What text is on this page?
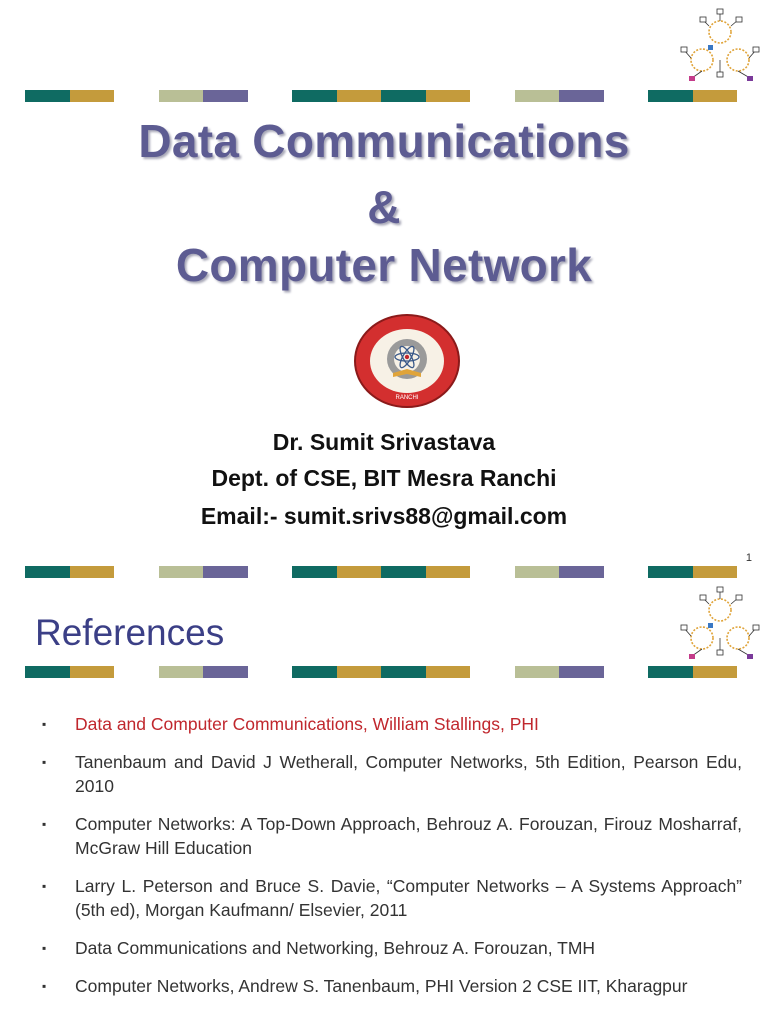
Data Communications
&
Computer Network
RANCHI
Dr. Sumit Srivastava
Dept. of CSE, BIT Mesra Ranchi
Email:- sumit.srivs88@gmail.com
1
References
▪ Data and Computer Communications, William Stallings, PHI
▪ Tanenbaum and David J Wetherall, Computer Networks, 5th Edition, Pearson Edu, 2010
▪ Computer Networks: A Top-Down Approach, Behrouz A. Forouzan, Firouz Mosharraf, McGraw Hill Education
▪ Larry L. Peterson and Bruce S. Davie, “Computer Networks – A Systems Approach” (5th ed), Morgan Kaufmann/ Elsevier, 2011
▪ Data Communications and Networking, Behrouz A. Forouzan, TMH
▪ Computer Networks, Andrew S. Tanenbaum, PHI Version 2 CSE IIT, Kharagpur
